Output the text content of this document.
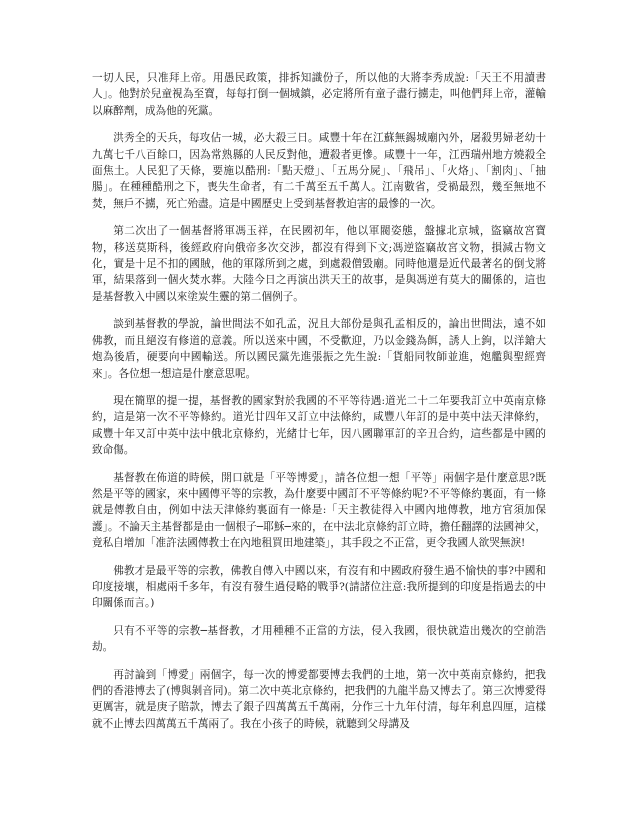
一切人民，只准拜上帝。用愚民政策，排拆知識份子，所以他的大將李秀成說:「天王不用讀書人」。他對於兒童視為至寶，每每打倒一個城鎮，必定將所有童子盡行擄走，叫他們拜上帝，灌輸以麻醉劑，成為他的死黨。

洪秀全的天兵，每攻佔一城，必大殺三日。咸豐十年在江蘇無錫城廟內外，屠殺男婦老幼十九萬七千八百餘口，因為常熟縣的人民反對他，遭殺者更慘。咸豐十一年，江西瑞州地方燒殺全面焦土。人民犯了天條，要施以酷刑:「點天燈」、「五馬分屍」、「飛吊」、「火烙」、「割肉」、「抽腸」。在種種酷刑之下，喪失生命者，有二千萬至五千萬人。江南數省，受禍最烈，幾至無地不焚，無戶不擄，死亡殆盡。這是中國歷史上受到基督教迫害的最慘的一次。

第二次出了一個基督將軍馮玉祥，在民國初年，他以軍閥姿態，盤據北京城，盜竊故宮寶物，移送莫斯科，後經政府向俄帝多次交涉，都沒有得到下文;馮逆盜竊故宮文物，損減古物文化，實是十足不扣的國賊，他的軍隊所到之處，到處殺僧毀廟。同時他還是近代最著名的倒戈將軍，結果落到一個火焚水葬。大陸今日之再演出洪天王的故事，是與馮逆有莫大的關係的，這也是基督教入中國以來塗炭生靈的第二個例子。

談到基督教的學說，論世間法不如孔孟，況且大部份是與孔孟相反的，論出世間法，遠不如佛教，而且絕沒有修道的意義。所以送來中國，不受歡迎，乃以金錢為餌，誘人上鉤，以洋鎗大炮為後盾，硬要向中國輸送。所以國民黨先進張振之先生說:「貨船同牧師並進，炮艦與聖經齊來」。各位想一想這是什麼意思呢。

現在簡單的提一提，基督教的國家對於我國的不平等待遇:道光二十二年要我訂立中英南京條約，這是第一次不平等條約。道光廿四年又訂立中法條約，咸豐八年訂的是中英中法天津條約，咸豐十年又訂中英中法中俄北京條約，光緒廿七年，因八國聯軍訂的辛丑合約，這些都是中國的致命傷。

基督教在佈道的時候，開口就是「平等博愛」，請各位想一想「平等」兩個字是什麼意思?既然是平等的國家，來中國傳平等的宗教，為什麼要中國訂不平等條約呢?不平等條約裏面，有一條就是傳教自由，例如中法天津條約裏面有一條是:「天主教徒得入中國內地傳教，地方官須加保護」。不論天主基督都是由一個根子─耶穌─來的，在中法北京條約訂立時，擔任翻譯的法國神父，竟私自增加「准許法國傳教士在內地租買田地建築」，其手段之不正當，更令我國人欲哭無淚!

佛教才是最平等的宗教，佛教自傳入中國以來，有沒有和中國政府發生過不愉快的事?中國和印度接壤，相處兩千多年，有沒有發生過侵略的戰爭?(請諸位注意:我所提到的印度是指過去的中印關係而言。)

只有不平等的宗教─基督教，才用種種不正當的方法，侵入我國，很快就造出幾次的空前浩劫。

再討論到「博愛」兩個字，每一次的博愛都要博去我們的土地，第一次中英南京條約，把我們的香港博去了(博與剝音同)。第二次中英北京條約，把我們的九龍半島又博去了。第三次博愛得更厲害，就是庚子賠款，博去了銀子四萬萬五千萬兩，分作三十九年付清，每年利息四厘，這樣就不止博去四萬萬五千萬兩了。我在小孩子的時候，就聽到父母講及
